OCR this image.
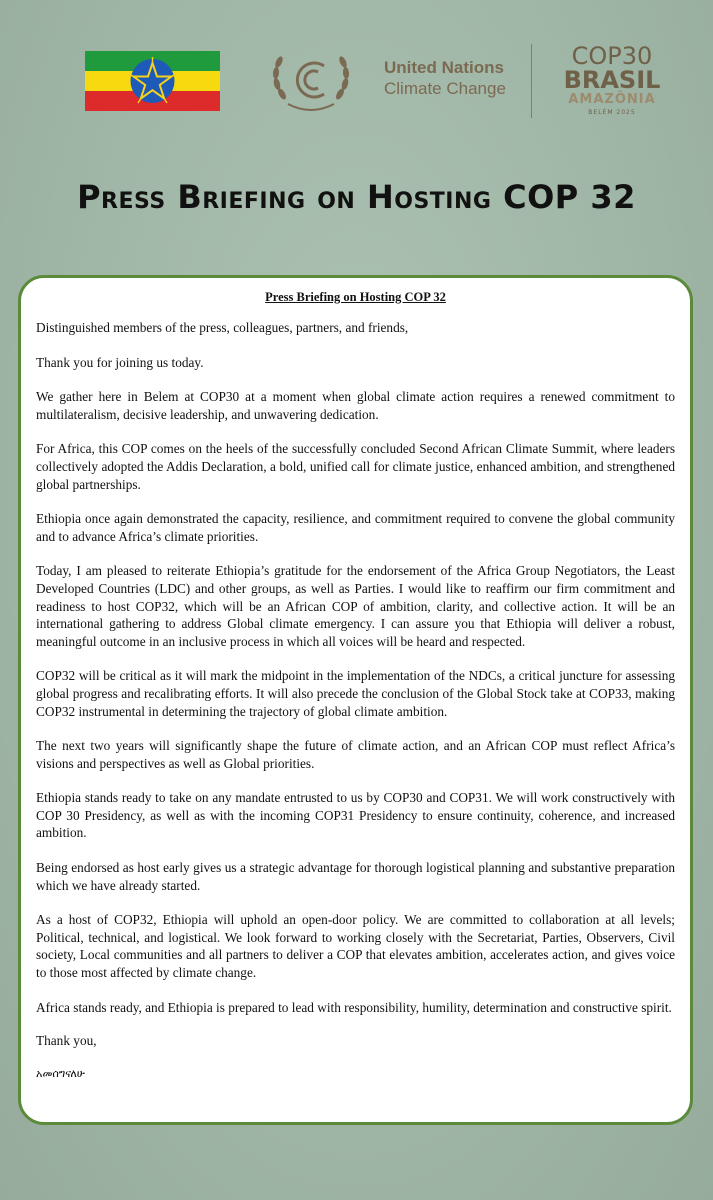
United Nations
Climate Change
COP30
BRASIL
AMAZÔNIA
BELÉM 2025
Press Briefing on Hosting COP 32
Press Briefing on Hosting COP 32

Distinguished members of the press, colleagues, partners, and friends,

Thank you for joining us today.

We gather here in Belem at COP30 at a moment when global climate action requires a renewed commitment to multilateralism, decisive leadership, and unwavering dedication.

For Africa, this COP comes on the heels of the successfully concluded Second African Climate Summit, where leaders collectively adopted the Addis Declaration, a bold, unified call for climate justice, enhanced ambition, and strengthened global partnerships.

Ethiopia once again demonstrated the capacity, resilience, and commitment required to convene the global community and to advance Africa’s climate priorities.

Today, I am pleased to reiterate Ethiopia’s gratitude for the endorsement of the Africa Group Negotiators, the Least Developed Countries (LDC) and other groups, as well as Parties. I would like to reaffirm our firm commitment and readiness to host COP32, which will be an African COP of ambition, clarity, and collective action. It will be an international gathering to address Global climate emergency. I can assure you that Ethiopia will deliver a robust, meaningful outcome in an inclusive process in which all voices will be heard and respected.

COP32 will be critical as it will mark the midpoint in the implementation of the NDCs, a critical juncture for assessing global progress and recalibrating efforts. It will also precede the conclusion of the Global Stock take at COP33, making COP32 instrumental in determining the trajectory of global climate ambition.

The next two years will significantly shape the future of climate action, and an African COP must reflect Africa’s visions and perspectives as well as Global priorities.

Ethiopia stands ready to take on any mandate entrusted to us by COP30 and COP31. We will work constructively with COP 30 Presidency, as well as with the incoming COP31 Presidency to ensure continuity, coherence, and increased ambition.

Being endorsed as host early gives us a strategic advantage for thorough logistical planning and substantive preparation which we have already started.

As a host of COP32, Ethiopia will uphold an open-door policy. We are committed to collaboration at all levels; Political, technical, and logistical. We look forward to working closely with the Secretariat, Parties, Observers, Civil society, Local communities and all partners to deliver a COP that elevates ambition, accelerates action, and gives voice to those most affected by climate change.

Africa stands ready, and Ethiopia is prepared to lead with responsibility, humility, determination and constructive spirit.

Thank you,
አመሰግናለሁ
